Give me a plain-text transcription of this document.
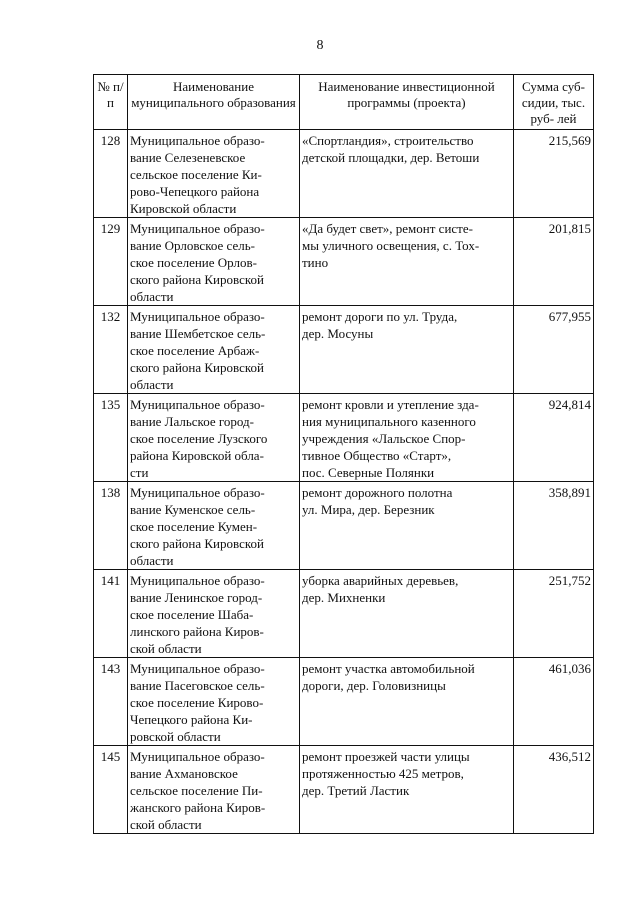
8
№ п/п	Наименование муниципального образования	Наименование инвестиционной программы (проекта)	Сумма суб- сидии, тыс. руб- лей
128	Муниципальное образо-
вание Селезеневское
сельское поселение Ки-
рово-Чепецкого района
Кировской области	«Спортландия», строительство
детской площадки, дер. Ветоши	215,569
129	Муниципальное образо-
вание Орловское сель-
ское поселение Орлов-
ского района Кировской
области	«Да будет свет», ремонт систе-
мы уличного освещения, с. Тох-
тино	201,815
132	Муниципальное образо-
вание Шембетское сель-
ское поселение Арбаж-
ского района Кировской
области	ремонт дороги по ул. Труда,
дер. Мосуны	677,955
135	Муниципальное образо-
вание Лальское город-
ское поселение Лузского
района Кировской обла-
сти	ремонт кровли и утепление зда-
ния муниципального казенного
учреждения «Лальское Спор-
тивное Общество «Старт»,
пос. Северные Полянки	924,814
138	Муниципальное образо-
вание Куменское сель-
ское поселение Кумен-
ского района Кировской
области	ремонт дорожного полотна
ул. Мира, дер. Березник	358,891
141	Муниципальное образо-
вание Ленинское город-
ское поселение Шаба-
линского района Киров-
ской области	уборка аварийных деревьев,
дер. Михненки	251,752
143	Муниципальное образо-
вание Пасеговское сель-
ское поселение Кирово-
Чепецкого района Ки-
ровской области	ремонт участка автомобильной
дороги, дер. Головизницы	461,036
145	Муниципальное образо-
вание Ахмановское
сельское поселение Пи-
жанского района Киров-
ской области	ремонт проезжей части улицы
протяженностью 425 метров,
дер. Третий Ластик	436,512
